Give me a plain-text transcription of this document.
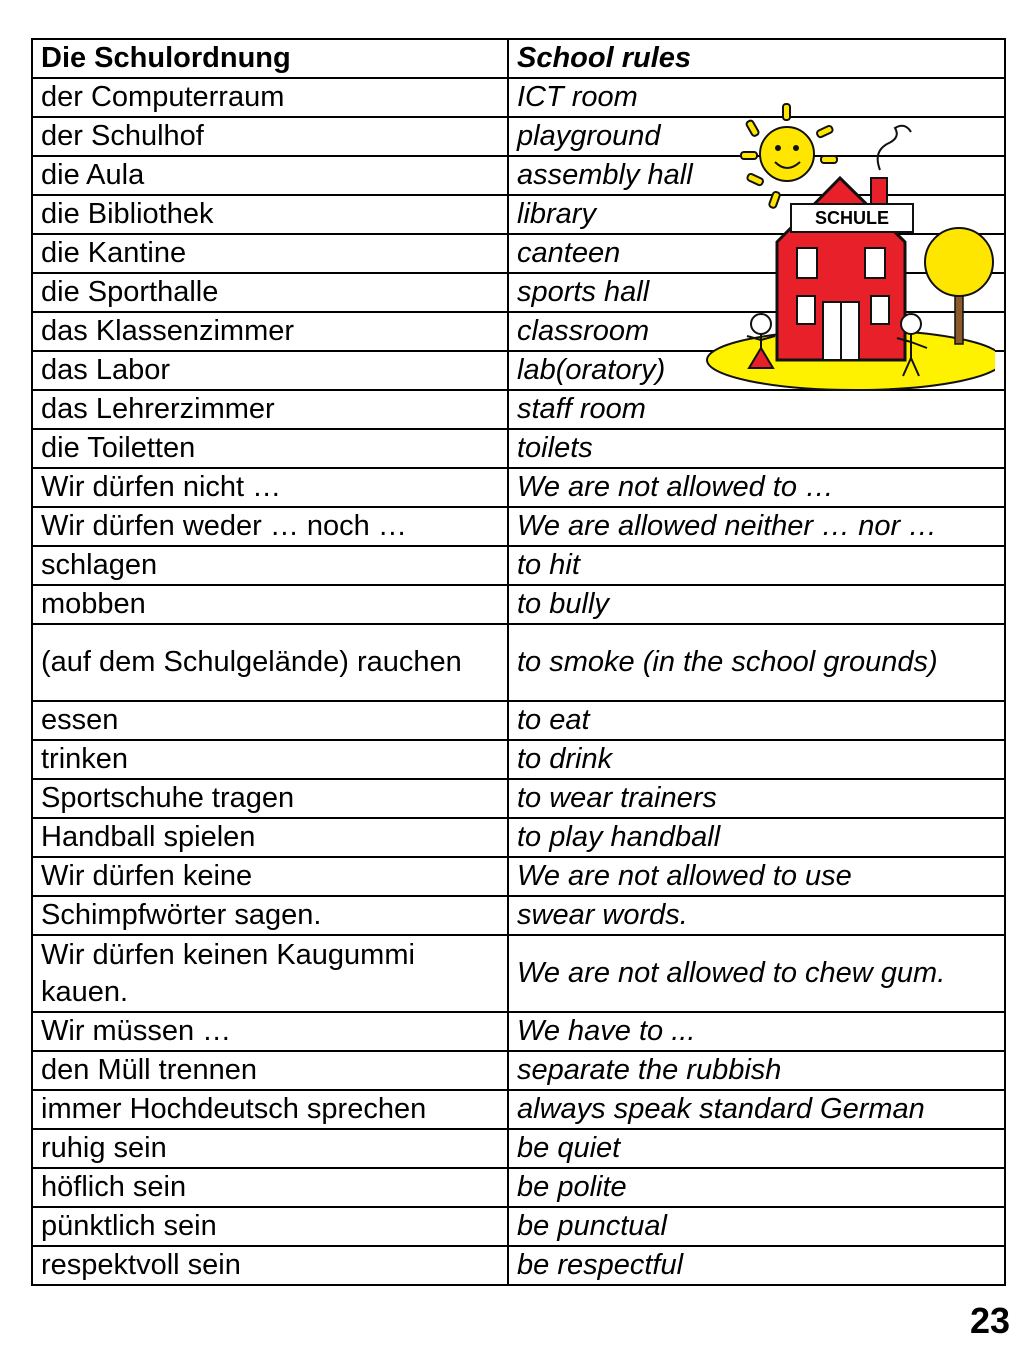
Die Schulordnung	School rules
der Computerraum	ICT room
der Schulhof	playground
die Aula	assembly hall
die Bibliothek	library
die Kantine	canteen
die Sporthalle	sports hall
das Klassenzimmer	classroom
das Labor	lab(oratory)
das Lehrerzimmer	staff room
die Toiletten	toilets
Wir dürfen nicht …	We are not allowed to …
Wir dürfen weder … noch …	We are allowed neither … nor …
schlagen	to hit
mobben	to bully
(auf dem Schulgelände) rauchen	to smoke (in the school grounds)
essen	to eat
trinken	to drink
Sportschuhe tragen	to wear trainers
Handball spielen	to play handball
Wir dürfen keine	We are not allowed to use
Schimpfwörter sagen.	swear words.
Wir dürfen keinen Kaugummi kauen.	We are not allowed to chew gum.
Wir müssen …	We have to ...
den Müll trennen	separate the rubbish
immer Hochdeutsch sprechen	always speak standard German
ruhig sein	be quiet
höflich sein	be polite
pünktlich sein	be punctual
respektvoll sein	be respectful
SCHULE
23
